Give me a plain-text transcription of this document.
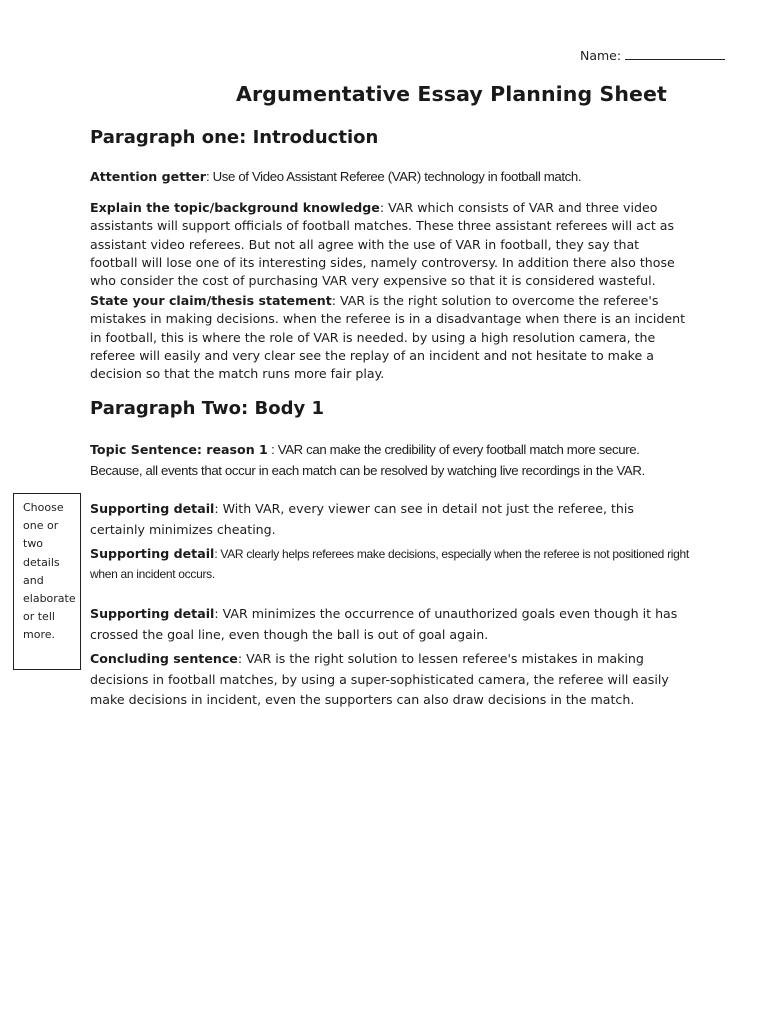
Name:
Argumentative Essay Planning Sheet
Paragraph one: Introduction
Attention getter: Use of Video Assistant Referee (VAR) technology in football match.
Explain the topic/background knowledge: VAR which consists of VAR and three video assistants will support officials of football matches. These three assistant referees will act as assistant video referees. But not all agree with the use of VAR in football, they say that football will lose one of its interesting sides, namely controversy. In addition there also those who consider the cost of purchasing VAR very expensive so that it is considered wasteful.
State your claim/thesis statement: VAR is the right solution to overcome the referee's mistakes in making decisions. when the referee is in a disadvantage when there is an incident in football, this is where the role of VAR is needed. by using a high resolution camera, the referee will easily and very clear see the replay of an incident and not hesitate to make a decision so that the match runs more fair play.
Paragraph Two: Body 1
Topic Sentence: reason 1 : VAR can make the credibility of every football match more secure. Because, all events that occur in each match can be resolved by watching live recordings in the VAR.
Choose one or two details and elaborate or tell more.
Supporting detail: With VAR, every viewer can see in detail not just the referee, this certainly minimizes cheating.
Supporting detail: VAR clearly helps referees make decisions, especially when the referee is not positioned right when an incident occurs.
Supporting detail: VAR minimizes the occurrence of unauthorized goals even though it has crossed the goal line, even though the ball is out of goal again.
Concluding sentence: VAR is the right solution to lessen referee's mistakes in making decisions in football matches, by using a super-sophisticated camera, the referee will easily make decisions in incident, even the supporters can also draw decisions in the match.
